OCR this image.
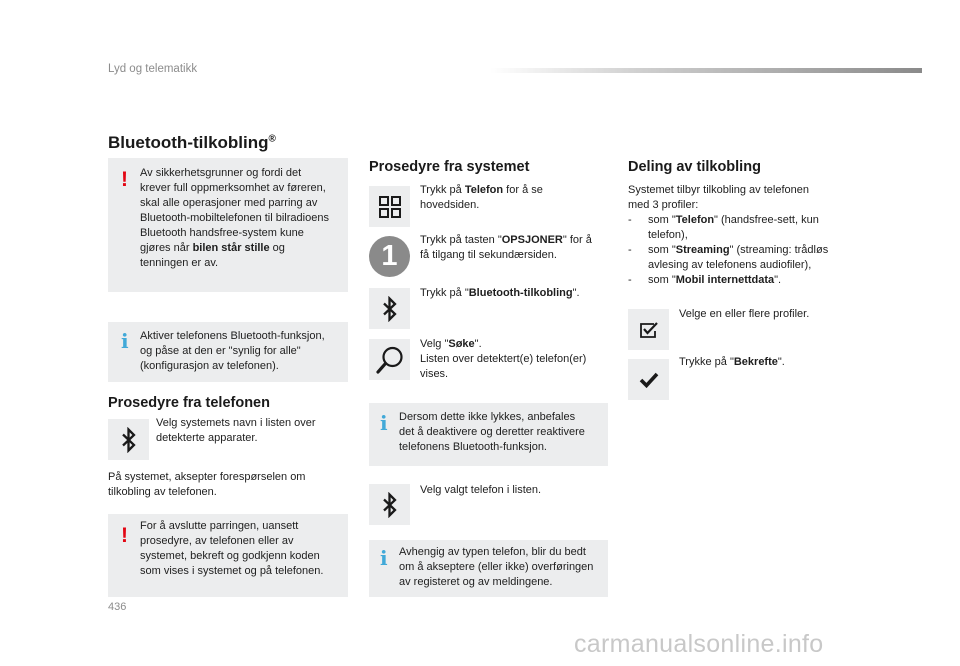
Lyd og telematikk
Bluetooth-tilkobling®
! Av sikkerhetsgrunner og fordi det
krever full oppmerksomhet av føreren,
skal alle operasjoner med parring av
Bluetooth-mobiltelefonen til bilradioens
Bluetooth handsfree-system kune
gjøres når bilen står stille og
tenningen er av.
i Aktiver telefonens Bluetooth-funksjon,
og påse at den er "synlig for alle"
(konfigurasjon av telefonen).
Prosedyre fra telefonen
Velg systemets navn i listen over
detekterte apparater.
På systemet, aksepter forespørselen om
tilkobling av telefonen.
! For å avslutte parringen, uansett
prosedyre, av telefonen eller av
systemet, bekreft og godkjenn koden
som vises i systemet og på telefonen.
Prosedyre fra systemet
Trykk på Telefon for å se
hovedsiden.
1 Trykk på tasten "OPSJONER" for å
få tilgang til sekundærsiden.
Trykk på "Bluetooth-tilkobling".
Velg "Søke".
Listen over detektert(e) telefon(er)
vises.
i Dersom dette ikke lykkes, anbefales
det å deaktivere og deretter reaktivere
telefonens Bluetooth-funksjon.
Velg valgt telefon i listen.
i Avhengig av typen telefon, blir du bedt
om å akseptere (eller ikke) overføringen
av registeret og av meldingene.
Deling av tilkobling
Systemet tilbyr tilkobling av telefonen
med 3 profiler:
- som "Telefon" (handsfree-sett, kun
telefon),
- som "Streaming" (streaming: trådløs
avlesing av telefonens audiofiler),
- som "Mobil internettdata".
Velge en eller flere profiler.
Trykke på "Bekrefte".
436
carmanualsonline.info
